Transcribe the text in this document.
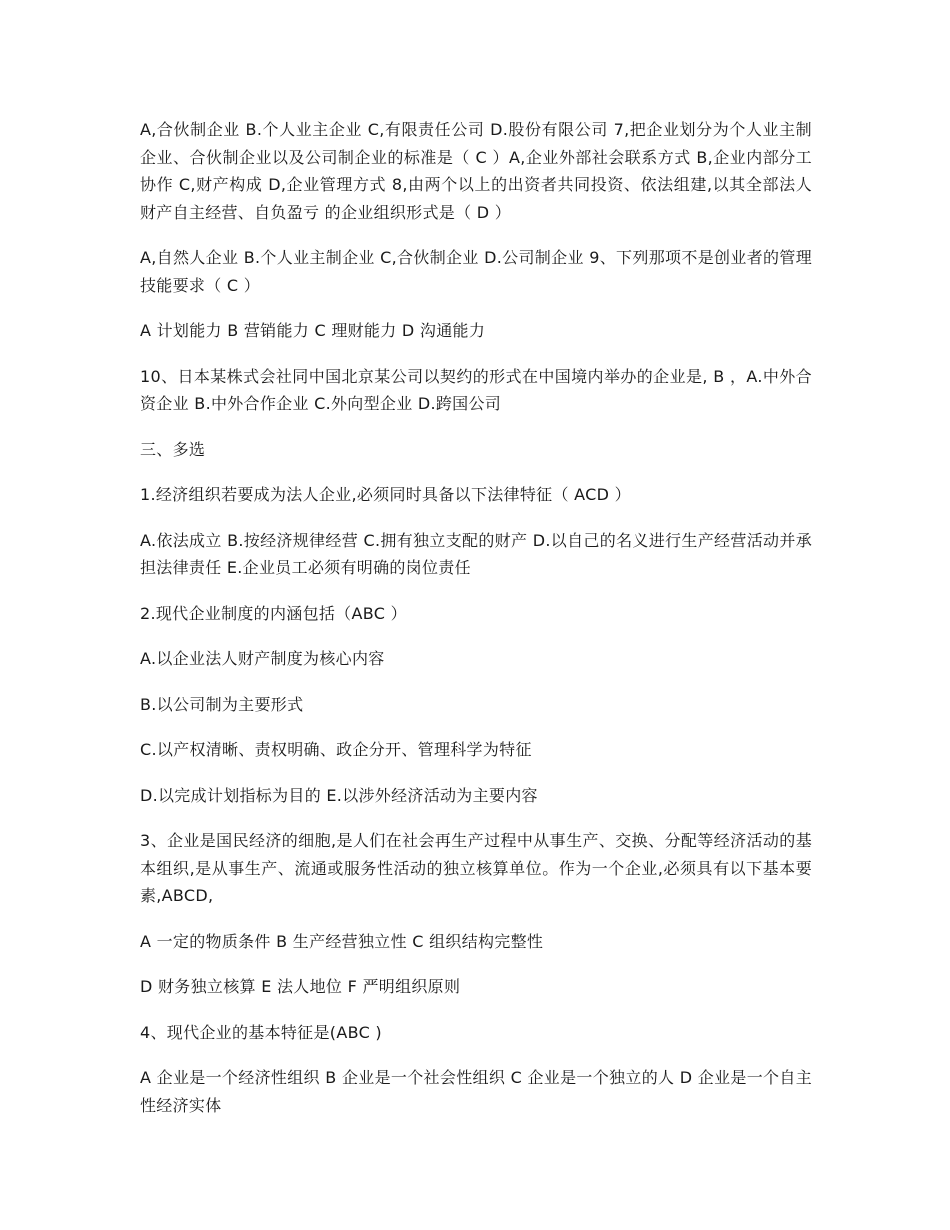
A,合伙制企业 B.个人业主企业 C,有限责任公司 D.股份有限公司 7,把企业划分为个人业主制企业、合伙制企业以及公司制企业的标准是（ C ）A,企业外部社会联系方式 B,企业内部分工协作 C,财产构成 D,企业管理方式 8,由两个以上的出资者共同投资、依法组建,以其全部法人财产自主经营、自负盈亏 的企业组织形式是（ D ）

A,自然人企业 B.个人业主制企业 C,合伙制企业 D.公司制企业 9、下列那项不是创业者的管理技能要求（ C ）

A 计划能力 B 营销能力 C 理财能力 D 沟通能力

10、日本某株式会社同中国北京某公司以契约的形式在中国境内举办的企业是, B ，A.中外合资企业 B.中外合作企业 C.外向型企业 D.跨国公司

三、多选

1.经济组织若要成为法人企业,必须同时具备以下法律特征（ ACD ）

A.依法成立 B.按经济规律经营 C.拥有独立支配的财产 D.以自己的名义进行生产经营活动并承担法律责任 E.企业员工必须有明确的岗位责任

2.现代企业制度的内涵包括（ABC ）

A.以企业法人财产制度为核心内容

B.以公司制为主要形式

C.以产权清晰、责权明确、政企分开、管理科学为特征

D.以完成计划指标为目的 E.以涉外经济活动为主要内容

3、企业是国民经济的细胞,是人们在社会再生产过程中从事生产、交换、分配等经济活动的基本组织,是从事生产、流通或服务性活动的独立核算单位。作为一个企业,必须具有以下基本要素,ABCD,

A 一定的物质条件 B 生产经营独立性 C 组织结构完整性

D 财务独立核算 E 法人地位 F 严明组织原则

4、现代企业的基本特征是(ABC )

A 企业是一个经济性组织 B 企业是一个社会性组织 C 企业是一个独立的人 D 企业是一个自主性经济实体
